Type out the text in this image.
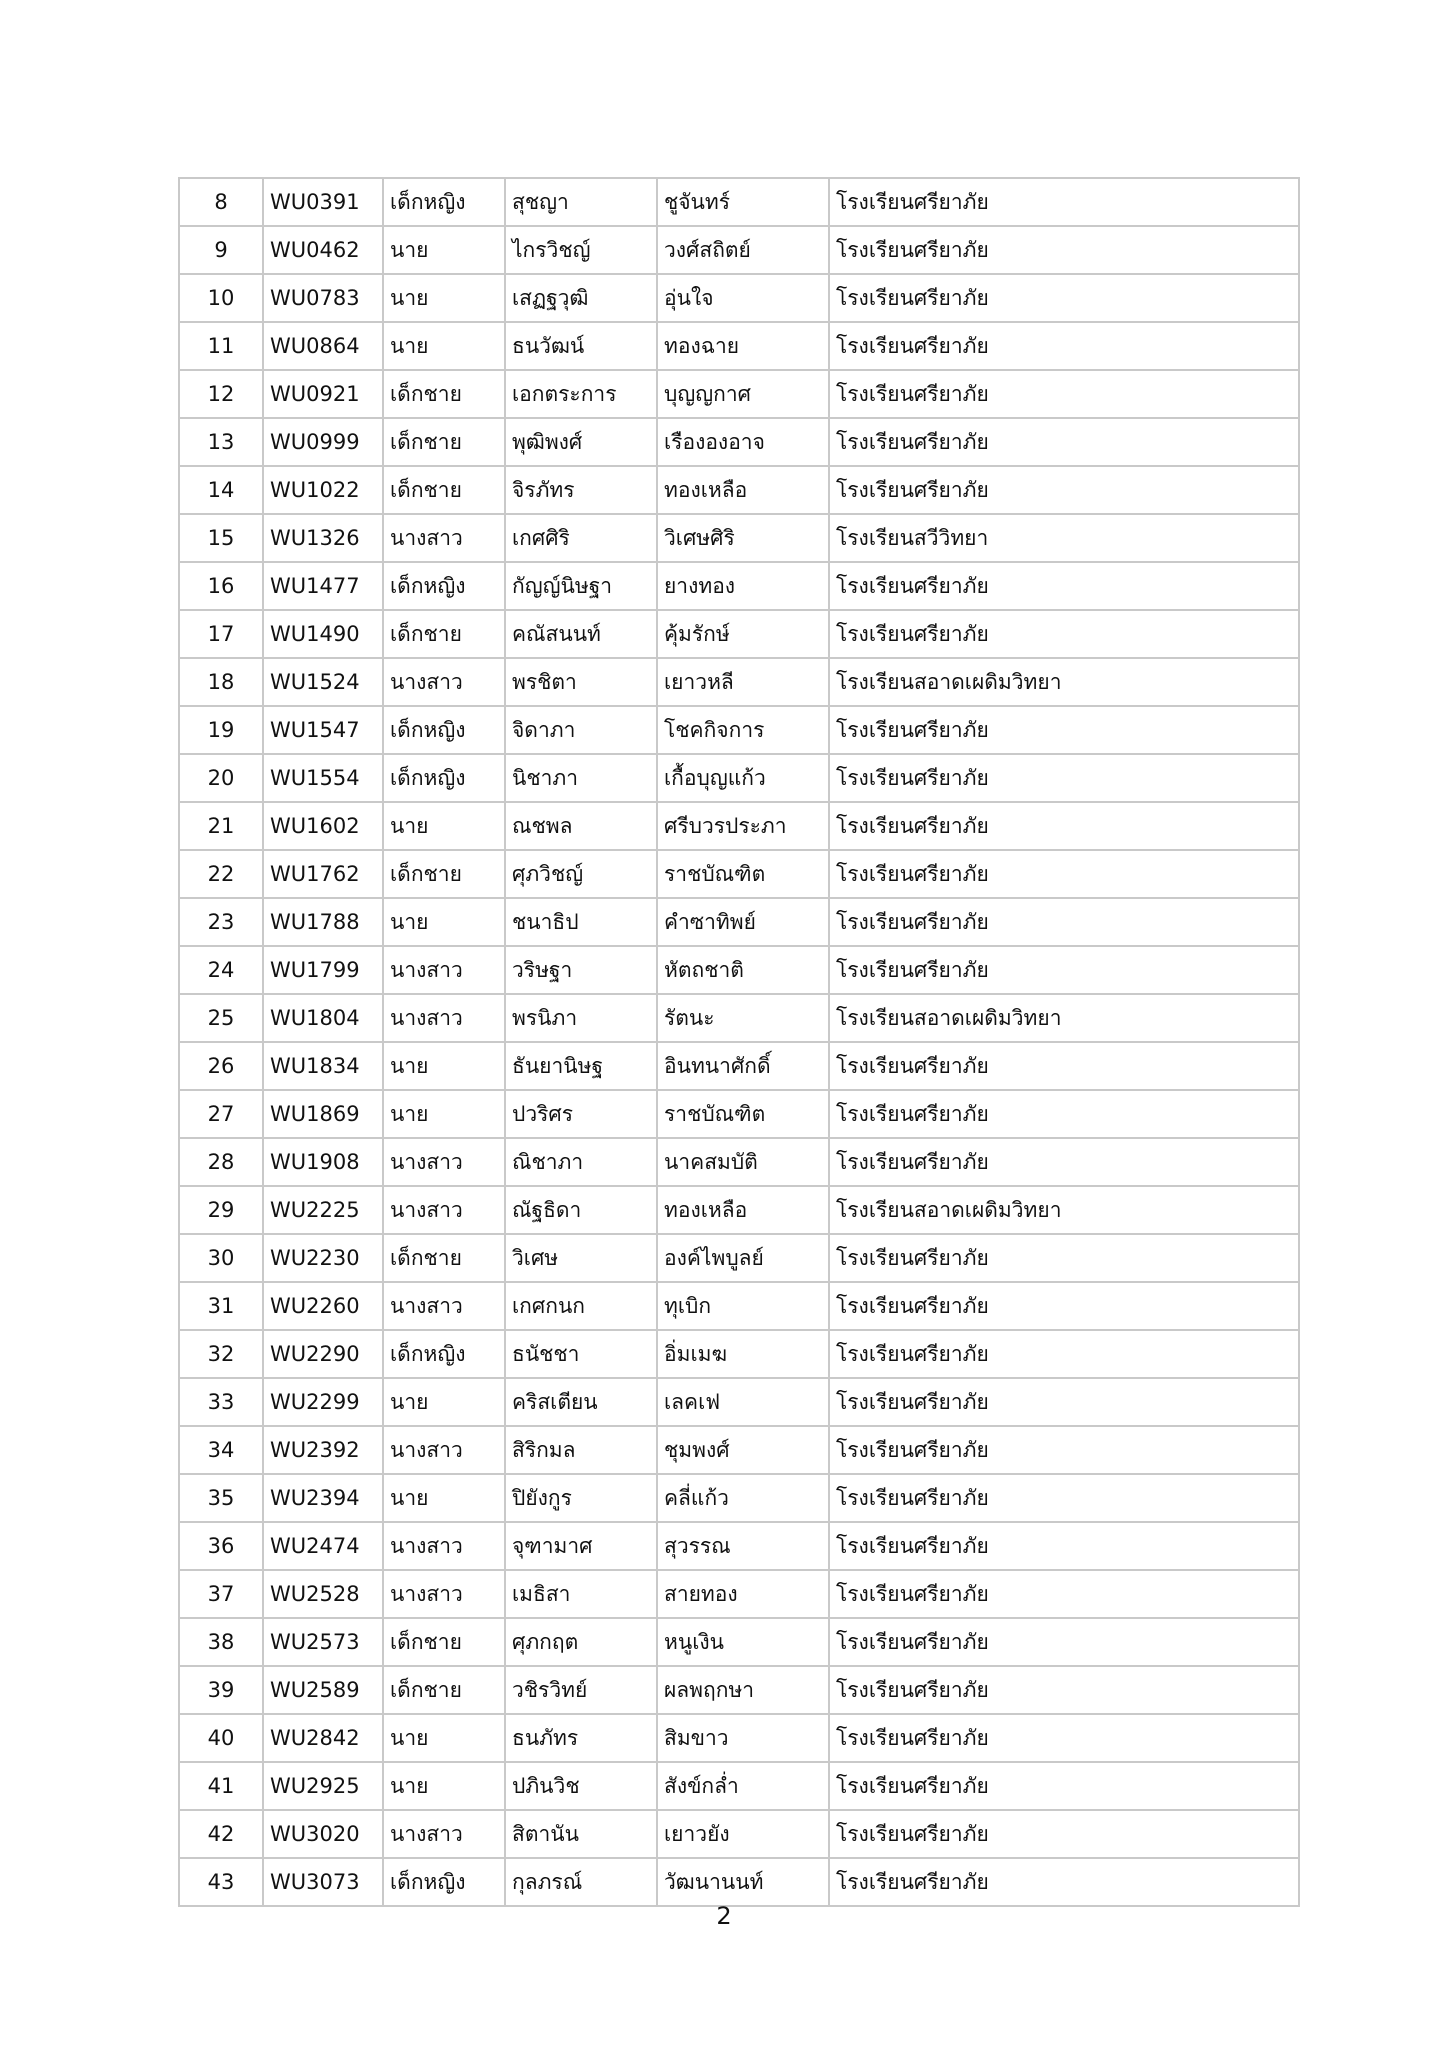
8	WU0391	เด็กหญิง	สุชญา	ชูจันทร์	โรงเรียนศรียาภัย
9	WU0462	นาย	ไกรวิชญ์	วงศ์สถิตย์	โรงเรียนศรียาภัย
10	WU0783	นาย	เสฏฐวุฒิ	อุ่นใจ	โรงเรียนศรียาภัย
11	WU0864	นาย	ธนวัฒน์	ทองฉาย	โรงเรียนศรียาภัย
12	WU0921	เด็กชาย	เอกตระการ	บุญญกาศ	โรงเรียนศรียาภัย
13	WU0999	เด็กชาย	พุฒิพงศ์	เรืององอาจ	โรงเรียนศรียาภัย
14	WU1022	เด็กชาย	จิรภัทร	ทองเหลือ	โรงเรียนศรียาภัย
15	WU1326	นางสาว	เกศศิริ	วิเศษศิริ	โรงเรียนสวีวิทยา
16	WU1477	เด็กหญิง	กัญญ์นิษฐา	ยางทอง	โรงเรียนศรียาภัย
17	WU1490	เด็กชาย	คณัสนนท์	คุ้มรักษ์	โรงเรียนศรียาภัย
18	WU1524	นางสาว	พรชิตา	เยาวหลี	โรงเรียนสอาดเผดิมวิทยา
19	WU1547	เด็กหญิง	จิดาภา	โชคกิจการ	โรงเรียนศรียาภัย
20	WU1554	เด็กหญิง	นิชาภา	เกื้อบุญแก้ว	โรงเรียนศรียาภัย
21	WU1602	นาย	ณชพล	ศรีบวรประภา	โรงเรียนศรียาภัย
22	WU1762	เด็กชาย	ศุภวิชญ์	ราชบัณฑิต	โรงเรียนศรียาภัย
23	WU1788	นาย	ชนาธิป	คำซาทิพย์	โรงเรียนศรียาภัย
24	WU1799	นางสาว	วริษฐา	หัตถชาติ	โรงเรียนศรียาภัย
25	WU1804	นางสาว	พรนิภา	รัตนะ	โรงเรียนสอาดเผดิมวิทยา
26	WU1834	นาย	ธันยานิษฐ	อินทนาศักดิ์	โรงเรียนศรียาภัย
27	WU1869	นาย	ปวริศร	ราชบัณฑิต	โรงเรียนศรียาภัย
28	WU1908	นางสาว	ณิชาภา	นาคสมบัติ	โรงเรียนศรียาภัย
29	WU2225	นางสาว	ณัฐธิดา	ทองเหลือ	โรงเรียนสอาดเผดิมวิทยา
30	WU2230	เด็กชาย	วิเศษ	องค์ไพบูลย์	โรงเรียนศรียาภัย
31	WU2260	นางสาว	เกศกนก	ทุเบิก	โรงเรียนศรียาภัย
32	WU2290	เด็กหญิง	ธนัชชา	อิ่มเมฆ	โรงเรียนศรียาภัย
33	WU2299	นาย	คริสเตียน	เลคเฟ	โรงเรียนศรียาภัย
34	WU2392	นางสาว	สิริกมล	ชุมพงศ์	โรงเรียนศรียาภัย
35	WU2394	นาย	ปิยังกูร	คลี่แก้ว	โรงเรียนศรียาภัย
36	WU2474	นางสาว	จุฑามาศ	สุวรรณ	โรงเรียนศรียาภัย
37	WU2528	นางสาว	เมธิสา	สายทอง	โรงเรียนศรียาภัย
38	WU2573	เด็กชาย	ศุภกฤต	หนูเงิน	โรงเรียนศรียาภัย
39	WU2589	เด็กชาย	วชิรวิทย์	ผลพฤกษา	โรงเรียนศรียาภัย
40	WU2842	นาย	ธนภัทร	สิมขาว	โรงเรียนศรียาภัย
41	WU2925	นาย	ปภินวิช	สังข์กล่ำ	โรงเรียนศรียาภัย
42	WU3020	นางสาว	สิตานัน	เยาวยัง	โรงเรียนศรียาภัย
43	WU3073	เด็กหญิง	กุลภรณ์	วัฒนานนท์	โรงเรียนศรียาภัย
2
